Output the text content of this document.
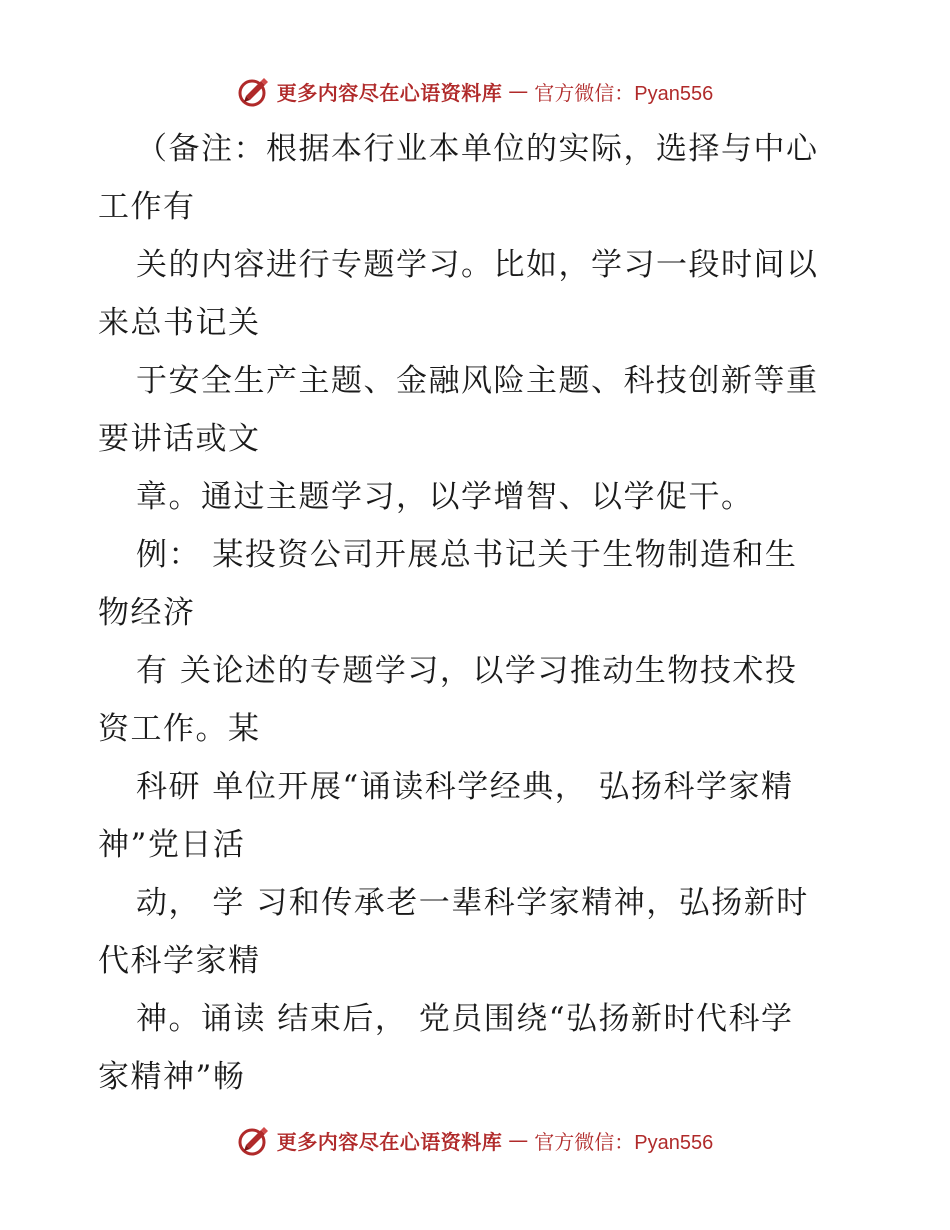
更多内容尽在心语资料库 — 官方微信：Pyan556
（备注：根据本行业本单位的实际，选择与中心
工作有
关的内容进行专题学习。比如，学习一段时间以
来总书记关
于安全生产主题、金融风险主题、科技创新等重
要讲话或文
章。通过主题学习，以学增智、以学促干。
例： 某投资公司开展总书记关于生物制造和生
物经济
有 关论述的专题学习，以学习推动生物技术投
资工作。某
科研 单位开展“诵读科学经典， 弘扬科学家精
神”党日活
动， 学 习和传承老一辈科学家精神，弘扬新时
代科学家精
神。诵读 结束后， 党员围绕“弘扬新时代科学
家精神”畅
更多内容尽在心语资料库 — 官方微信：Pyan556
